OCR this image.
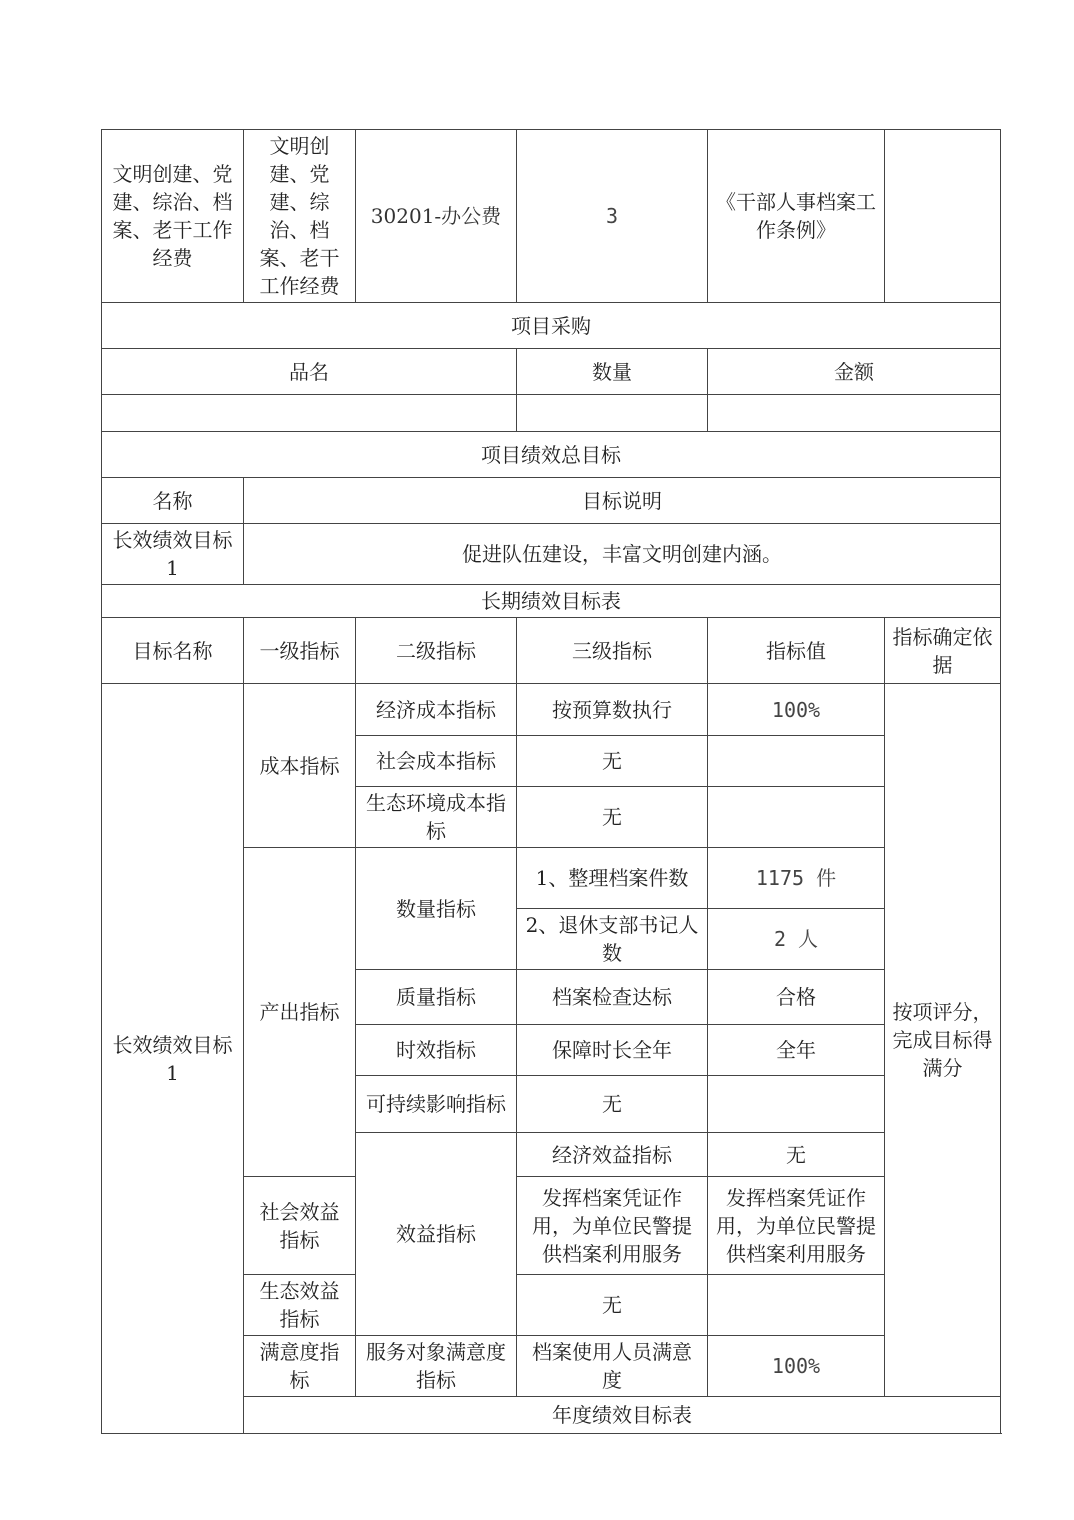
文明创建、党建、综治、档案、老干工作经费	文明创建、党建、综治、档案、老干工作经费	30201-办公费	3	《干部人事档案工作条例》		
项目采购						
品名			数量	金额		

项目绩效总目标						
名称	目标说明					
长效绩效目标 1	促进队伍建设，丰富文明创建内涵。					
长期绩效目标表						
目标名称	一级指标	二级指标	三级指标	指标值	指标确定依据	
长效绩效目标 1	成本指标	经济成本指标	按预算数执行	100%	按项评分，完成目标得满分	
		社会成本指标	无			
		生态环境成本指标	无			
	产出指标	数量指标	1、整理档案件数	1175 件		
			2、退休支部书记人数	2 人		
		质量指标	档案检查达标	合格		
		时效指标	保障时长全年	全年		
		可持续影响指标	无			
		效益指标	经济效益指标	无		
	社会效益指标		发挥档案凭证作用，为单位民警提供档案利用服务	发挥档案凭证作用，为单位民警提供档案利用服务		
	生态效益指标		无			
	满意度指标	服务对象满意度指标	档案使用人员满意度	100%		
	年度绩效目标表					
